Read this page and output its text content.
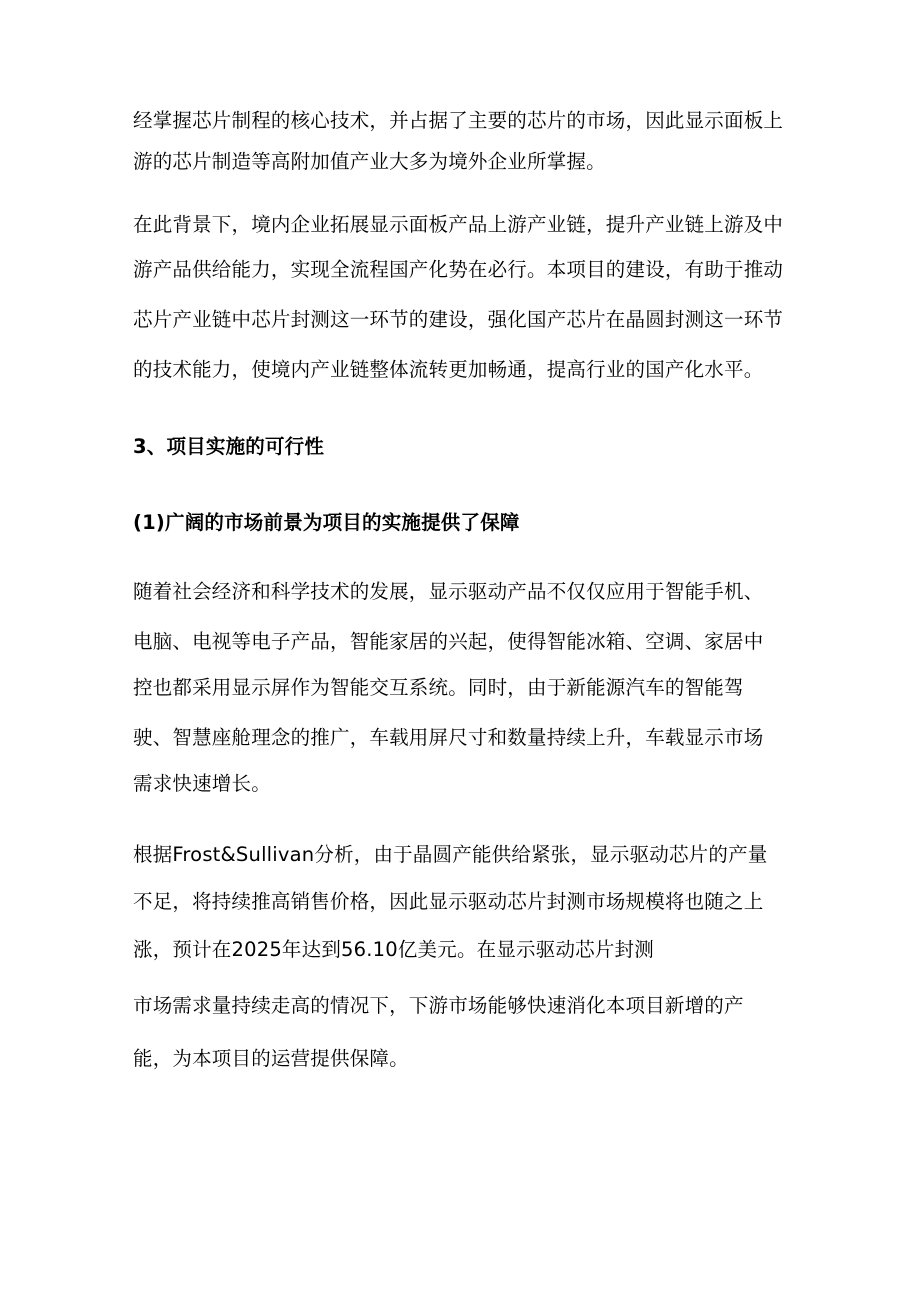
经掌握芯片制程的核心技术，并占据了主要的芯片的市场，因此显示面板上
游的芯片制造等高附加值产业大多为境外企业所掌握。
在此背景下，境内企业拓展显示面板产品上游产业链，提升产业链上游及中
游产品供给能力，实现全流程国产化势在必行。本项目的建设，有助于推动
芯片产业链中芯片封测这一环节的建设，强化国产芯片在晶圆封测这一环节
的技术能力，使境内产业链整体流转更加畅通，提高行业的国产化水平。
3、项目实施的可行性
(1)广阔的市场前景为项目的实施提供了保障
随着社会经济和科学技术的发展，显示驱动产品不仅仅应用于智能手机、
电脑、电视等电子产品，智能家居的兴起，使得智能冰箱、空调、家居中
控也都采用显示屏作为智能交互系统。同时，由于新能源汽车的智能驾
驶、智慧座舱理念的推广，车载用屏尺寸和数量持续上升，车载显示市场
需求快速增长。
根据Frost&Sullivan分析，由于晶圆产能供给紧张，显示驱动芯片的产量
不足，将持续推高销售价格，因此显示驱动芯片封测市场规模将也随之上
涨，预计在2025年达到56.10亿美元。在显示驱动芯片封测
市场需求量持续走高的情况下，下游市场能够快速消化本项目新增的产
能，为本项目的运营提供保障。
